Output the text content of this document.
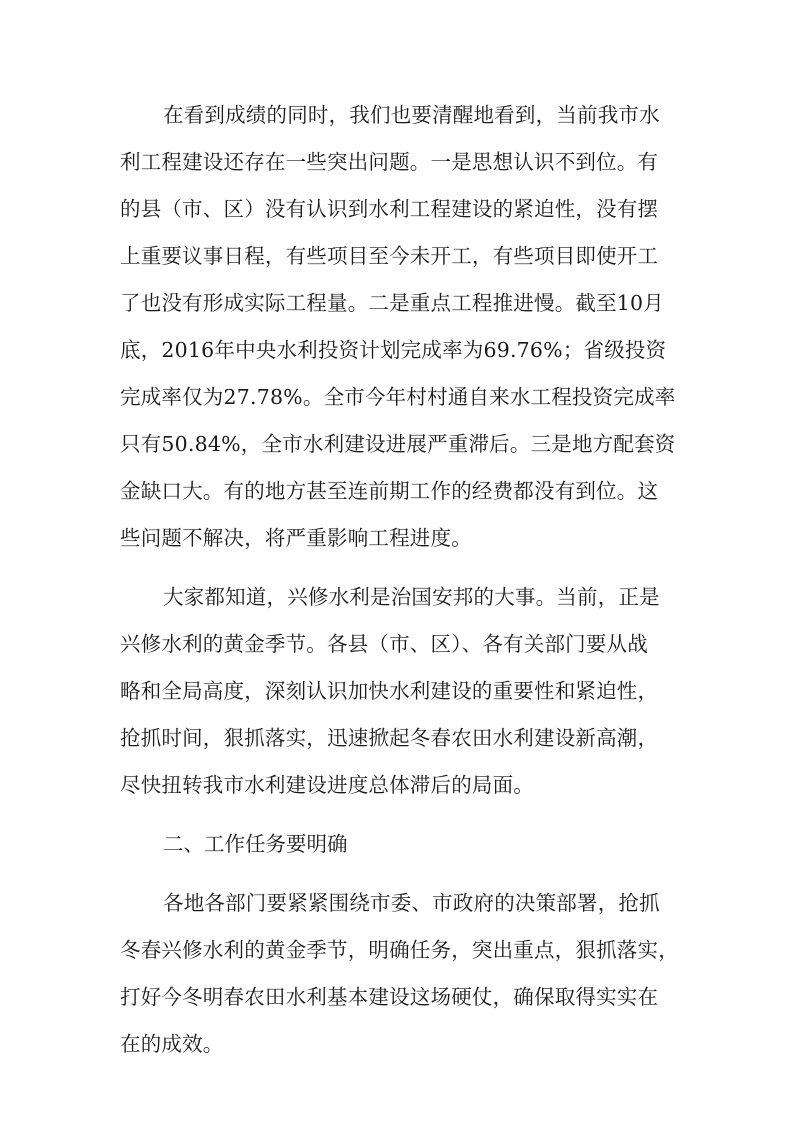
在看到成绩的同时，我们也要清醒地看到，当前我市水
利工程建设还存在一些突出问题。一是思想认识不到位。有
的县（市、区）没有认识到水利工程建设的紧迫性，没有摆
上重要议事日程，有些项目至今未开工，有些项目即使开工
了也没有形成实际工程量。二是重点工程推进慢。截至10月
底，2016年中央水利投资计划完成率为69.76%；省级投资
完成率仅为27.78%。全市今年村村通自来水工程投资完成率
只有50.84%，全市水利建设进展严重滞后。三是地方配套资
金缺口大。有的地方甚至连前期工作的经费都没有到位。这
些问题不解决，将严重影响工程进度。
大家都知道，兴修水利是治国安邦的大事。当前，正是
兴修水利的黄金季节。各县（市、区）、各有关部门要从战
略和全局高度，深刻认识加快水利建设的重要性和紧迫性，
抢抓时间，狠抓落实，迅速掀起冬春农田水利建设新高潮，
尽快扭转我市水利建设进度总体滞后的局面。
二、工作任务要明确
各地各部门要紧紧围绕市委、市政府的决策部署，抢抓
冬春兴修水利的黄金季节，明确任务，突出重点，狠抓落实，
打好今冬明春农田水利基本建设这场硬仗，确保取得实实在
在的成效。
